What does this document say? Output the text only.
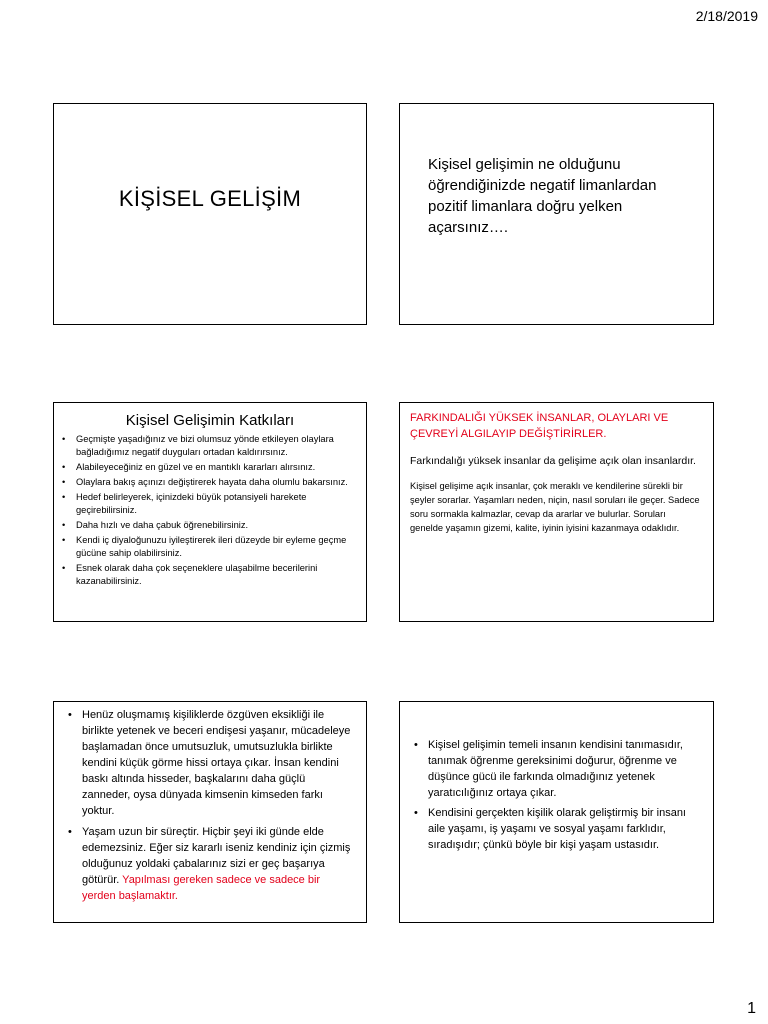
2/18/2019
KİŞİSEL GELİŞİM
Kişisel gelişimin ne olduğunu öğrendiğinizde negatif limanlardan pozitif limanlara doğru yelken açarsınız….
Kişisel Gelişimin Katkıları
• Geçmişte yaşadığınız ve bizi olumsuz yönde etkileyen olaylara bağladığımız negatif duyguları ortadan kaldırırsınız.
• Alabileyeceğiniz en güzel ve en mantıklı kararları alırsınız.
• Olaylara bakış açınızı değiştirerek hayata daha olumlu bakarsınız.
• Hedef belirleyerek, içinizdeki büyük potansiyeli harekete geçirebilirsiniz.
• Daha hızlı ve daha çabuk öğrenebilirsiniz.
• Kendi iç diyaloğunuzu iyileştirerek ileri düzeyde bir eyleme geçme gücüne sahip olabilirsiniz.
• Esnek olarak daha çok seçeneklere ulaşabilme becerilerini kazanabilirsiniz.
FARKINDALIĞI YÜKSEK İNSANLAR, OLAYLARI VE ÇEVREYİ ALGILAYIP DEĞİŞTİRİRLER.
Farkındalığı yüksek insanlar da gelişime açık olan insanlardır.
Kişisel gelişime açık insanlar, çok meraklı ve kendilerine sürekli bir şeyler sorarlar. Yaşamları neden, niçin, nasıl soruları ile geçer. Sadece soru sormakla kalmazlar, cevap da ararlar ve bulurlar. Soruları genelde yaşamın gizemi, kalite, iyinin iyisini kazanmaya odaklıdır.
• Henüz oluşmamış kişiliklerde özgüven eksikliği ile birlikte yetenek ve beceri endişesi yaşanır, mücadeleye başlamadan önce umutsuzluk, umutsuzlukla birlikte kendini küçük görme hissi ortaya çıkar. İnsan kendini baskı altında hisseder, başkalarını daha güçlü zanneder, oysa dünyada kimsenin kimseden farkı yoktur.
• Yaşam uzun bir süreçtir. Hiçbir şeyi iki günde elde edemezsiniz. Eğer siz kararlı iseniz kendiniz için çizmiş olduğunuz yoldaki çabalarınız sizi er geç başarıya götürür. Yapılması gereken sadece ve sadece bir yerden başlamaktır.
• Kişisel gelişimin temeli insanın kendisini tanımasıdır, tanımak öğrenme gereksinimi doğurur, öğrenme ve düşünce gücü ile farkında olmadığınız yetenek yaratıcılığınız ortaya çıkar.
• Kendisini gerçekten kişilik olarak geliştirmiş bir insanı aile yaşamı, iş yaşamı ve sosyal yaşamı farklıdır, sıradışıdır; çünkü böyle bir kişi yaşam ustasıdır.
1
